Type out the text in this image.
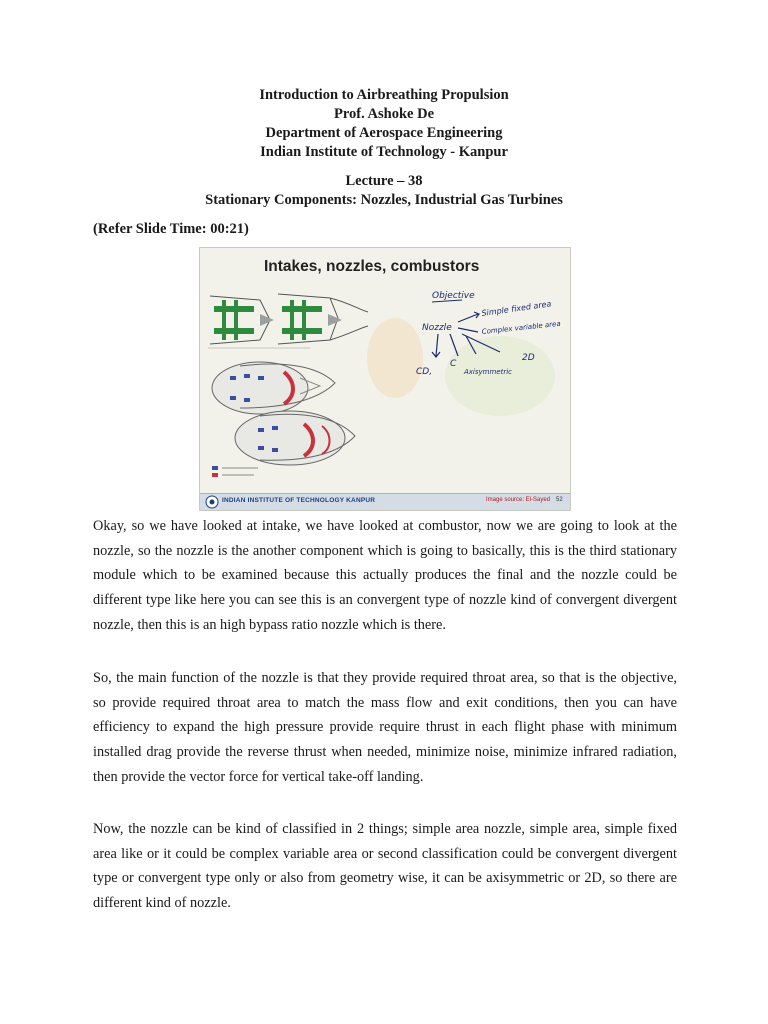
Introduction to Airbreathing Propulsion
Prof. Ashoke De
Department of Aerospace Engineering
Indian Institute of Technology - Kanpur
Lecture – 38
Stationary Components: Nozzles, Industrial Gas Turbines
(Refer Slide Time: 00:21)
Objective
Nozzle
Simple fixed area
Complex variable area
CD,
C
Axisymmetric
2D
Intakes, nozzles, combustors
INDIAN INSTITUTE OF TECHNOLOGY KANPUR	Image source: El-Sayed 52

Okay, so we have looked at intake, we have looked at combustor, now we are going to look at the nozzle, so the nozzle is the another component which is going to basically, this is the third stationary module which to be examined because this actually produces the final and the nozzle could be different type like here you can see this is an convergent type of nozzle kind of convergent divergent nozzle, then this is an high bypass ratio nozzle which is there.

So, the main function of the nozzle is that they provide required throat area, so that is the objective, so provide required throat area to match the mass flow and exit conditions, then you can have efficiency to expand the high pressure provide require thrust in each flight phase with minimum installed drag provide the reverse thrust when needed, minimize noise, minimize infrared radiation, then provide the vector force for vertical take-off landing.

Now, the nozzle can be kind of classified in 2 things; simple area nozzle, simple area, simple fixed area like or it could be complex variable area or second classification could be convergent divergent type or convergent type only or also from geometry wise, it can be axisymmetric or 2D, so there are different kind of nozzle.
